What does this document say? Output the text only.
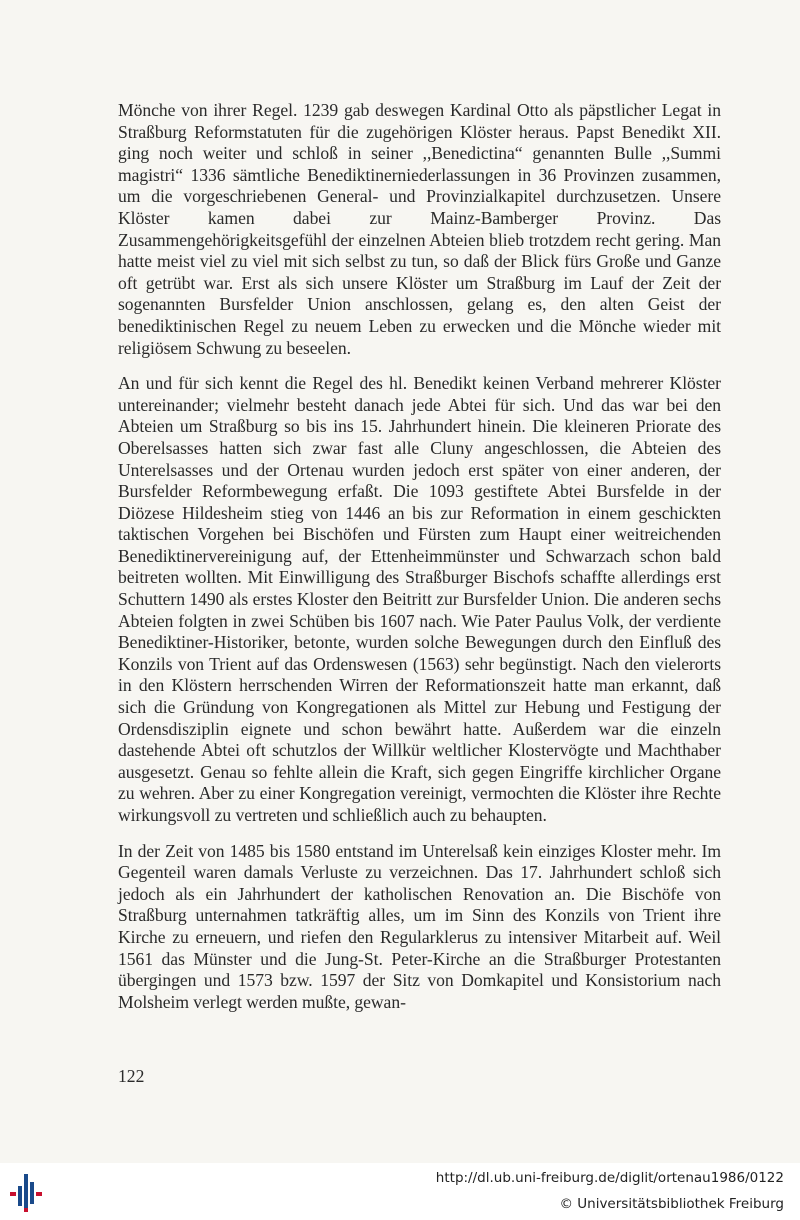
Mönche von ihrer Regel. 1239 gab deswegen Kardinal Otto als päpstlicher Legat in Straßburg Reformstatuten für die zugehörigen Klöster heraus. Papst Benedikt XII. ging noch weiter und schloß in seiner ,,Benedictina“ genannten Bulle ,,Summi magistri“ 1336 sämtliche Benediktinerniederlassungen in 36 Provinzen zusammen, um die vorgeschriebenen General- und Provinzialkapitel durchzusetzen. Unsere Klöster kamen dabei zur Mainz-Bamberger Provinz. Das Zusammengehörigkeitsgefühl der einzelnen Abteien blieb trotzdem recht gering. Man hatte meist viel zu viel mit sich selbst zu tun, so daß der Blick fürs Große und Ganze oft getrübt war. Erst als sich unsere Klöster um Straßburg im Lauf der Zeit der sogenannten Bursfelder Union anschlossen, gelang es, den alten Geist der benediktinischen Regel zu neuem Leben zu erwecken und die Mönche wieder mit religiösem Schwung zu beseelen.

An und für sich kennt die Regel des hl. Benedikt keinen Verband mehrerer Klöster untereinander; vielmehr besteht danach jede Abtei für sich. Und das war bei den Abteien um Straßburg so bis ins 15. Jahrhundert hinein. Die kleineren Priorate des Oberelsasses hatten sich zwar fast alle Cluny angeschlossen, die Abteien des Unterelsasses und der Ortenau wurden jedoch erst später von einer anderen, der Bursfelder Reformbewegung erfaßt. Die 1093 gestiftete Abtei Bursfelde in der Diözese Hildesheim stieg von 1446 an bis zur Reformation in einem geschickten taktischen Vorgehen bei Bischöfen und Fürsten zum Haupt einer weitreichenden Benediktinervereinigung auf, der Ettenheimmünster und Schwarzach schon bald beitreten wollten. Mit Einwilligung des Straßburger Bischofs schaffte allerdings erst Schuttern 1490 als erstes Kloster den Beitritt zur Bursfelder Union. Die anderen sechs Abteien folgten in zwei Schüben bis 1607 nach. Wie Pater Paulus Volk, der verdiente Benediktiner-Historiker, betonte, wurden solche Bewegungen durch den Einfluß des Konzils von Trient auf das Ordenswesen (1563) sehr begünstigt. Nach den vielerorts in den Klöstern herrschenden Wirren der Reformationszeit hatte man erkannt, daß sich die Gründung von Kongregationen als Mittel zur Hebung und Festigung der Ordensdisziplin eignete und schon bewährt hatte. Außerdem war die einzeln dastehende Abtei oft schutzlos der Willkür weltlicher Klostervögte und Machthaber ausgesetzt. Genau so fehlte allein die Kraft, sich gegen Eingriffe kirchlicher Organe zu wehren. Aber zu einer Kongregation vereinigt, vermochten die Klöster ihre Rechte wirkungsvoll zu vertreten und schließlich auch zu behaupten.

In der Zeit von 1485 bis 1580 entstand im Unterelsaß kein einziges Kloster mehr. Im Gegenteil waren damals Verluste zu verzeichnen. Das 17. Jahrhundert schloß sich jedoch als ein Jahrhundert der katholischen Renovation an. Die Bischöfe von Straßburg unternahmen tatkräftig alles, um im Sinn des Konzils von Trient ihre Kirche zu erneuern, und riefen den Regularklerus zu intensiver Mitarbeit auf. Weil 1561 das Münster und die Jung-St. Peter-Kirche an die Straßburger Protestanten übergingen und 1573 bzw. 1597 der Sitz von Domkapitel und Konsistorium nach Molsheim verlegt werden mußte, gewan-

122
http://dl.ub.uni-freiburg.de/diglit/ortenau1986/0122
© Universitätsbibliothek Freiburg
